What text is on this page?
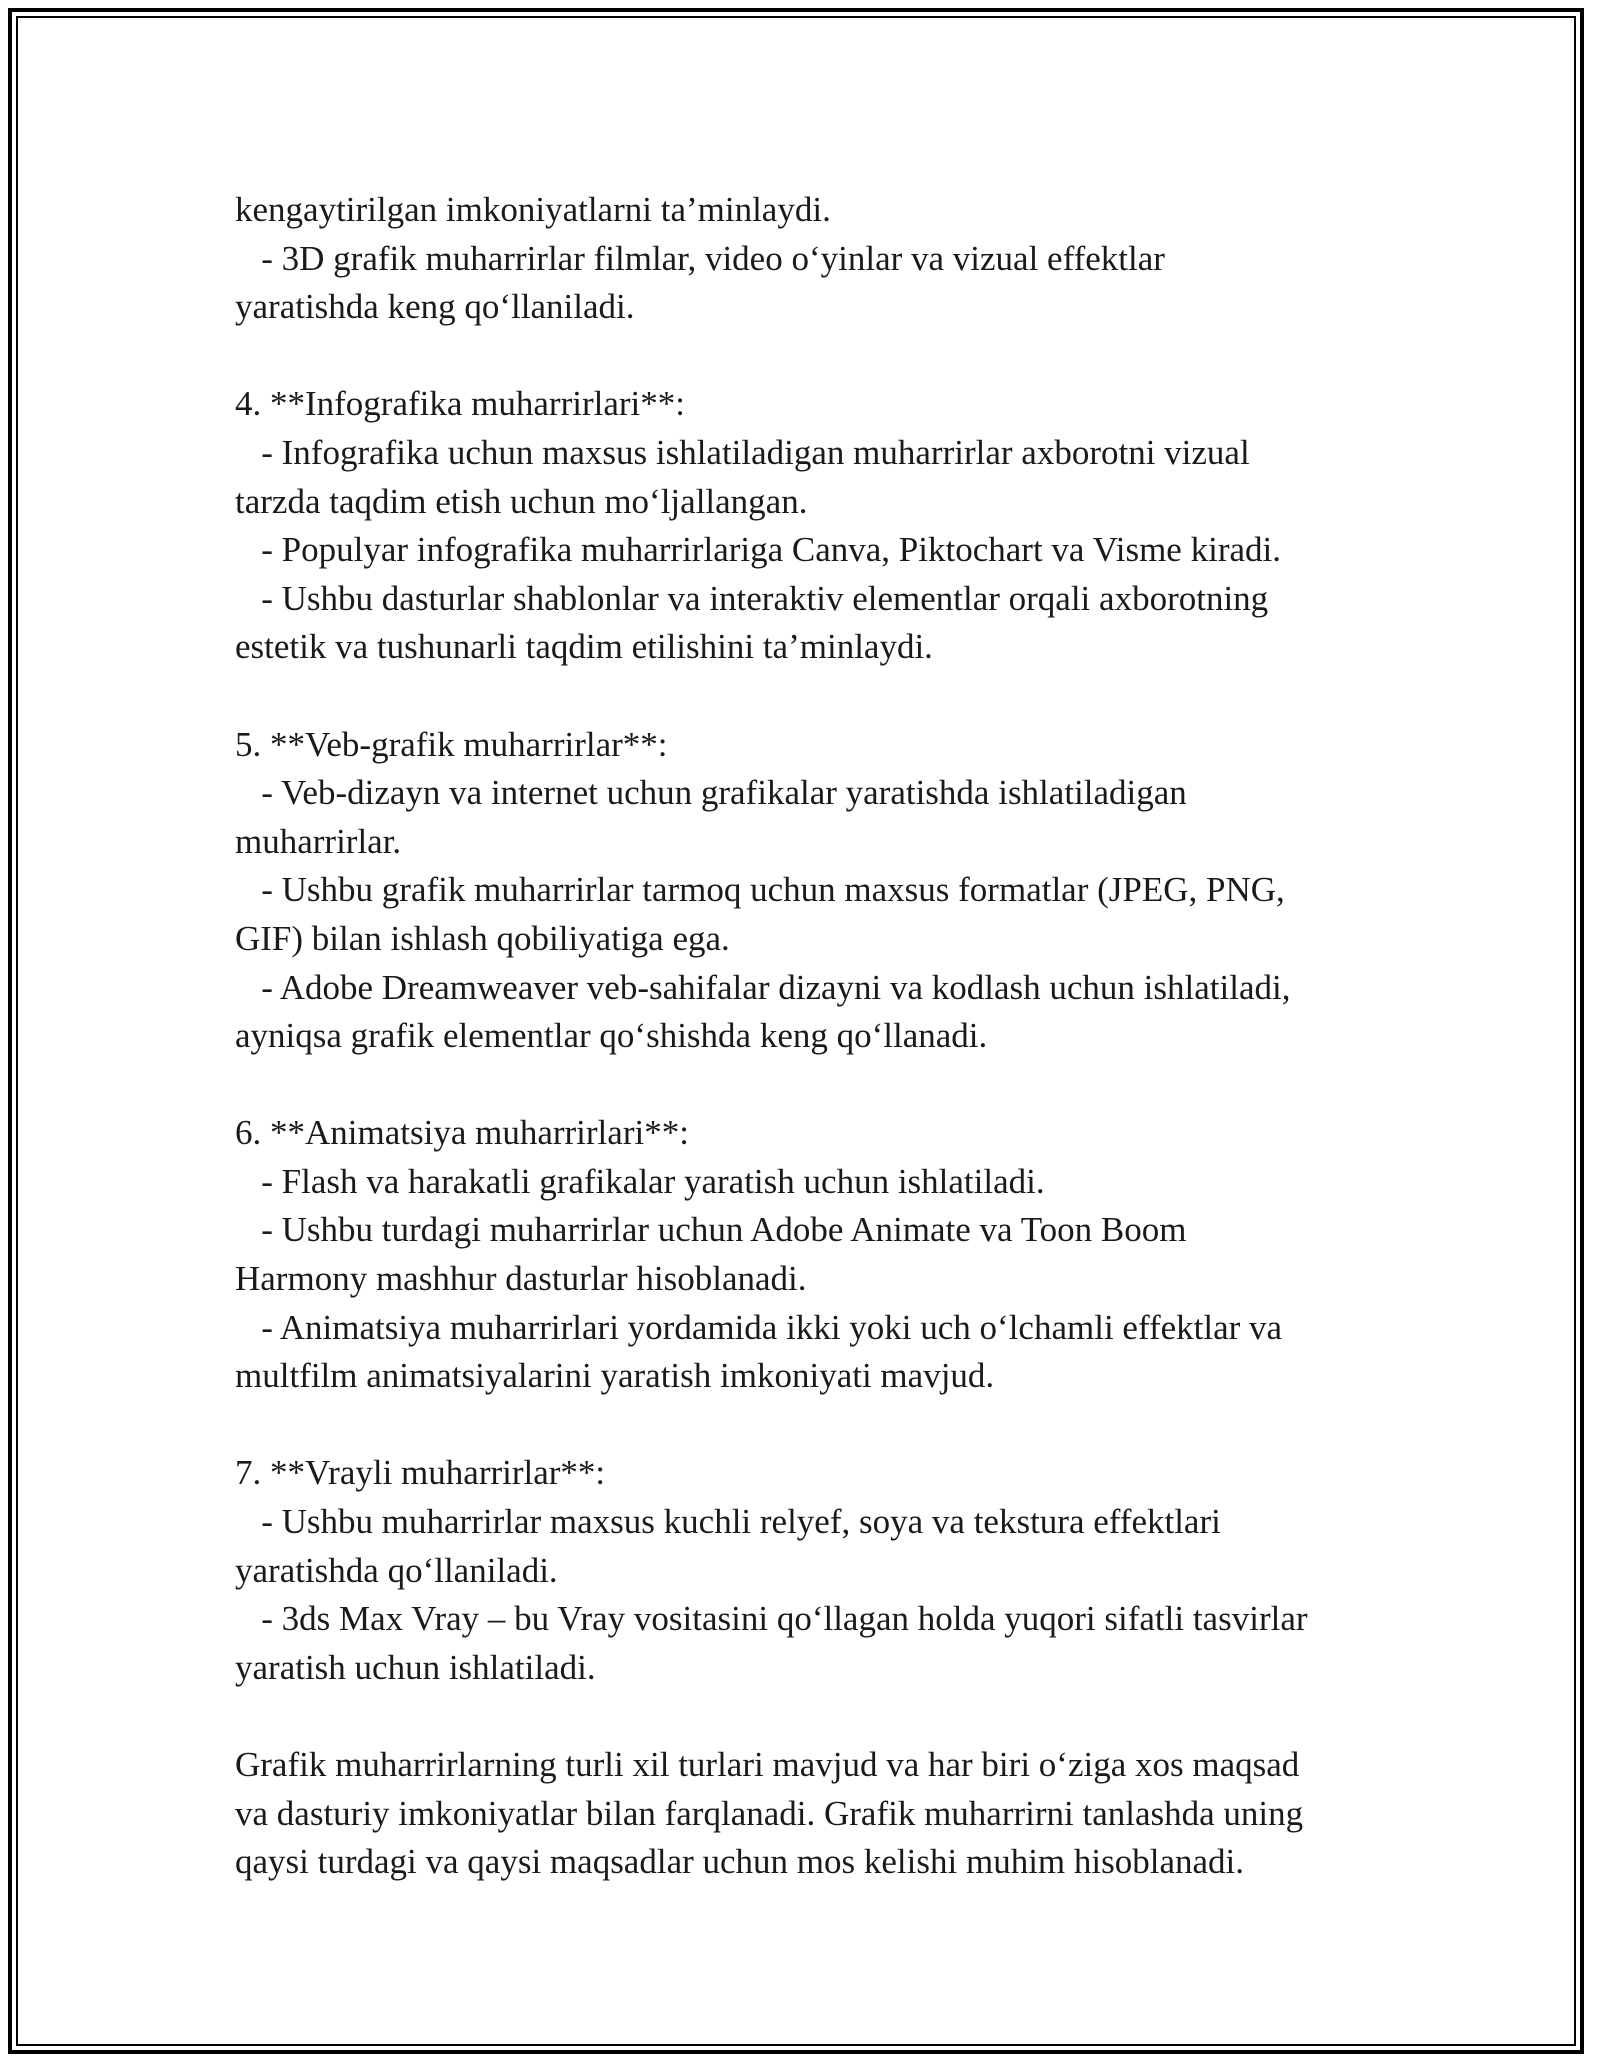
kengaytirilgan imkoniyatlarni ta’minlaydi.
- 3D grafik muharrirlar filmlar, video o‘yinlar va vizual effektlar
yaratishda keng qo‘llaniladi.
4. **Infografika muharrirlari**:
- Infografika uchun maxsus ishlatiladigan muharrirlar axborotni vizual
tarzda taqdim etish uchun mo‘ljallangan.
- Populyar infografika muharrirlariga Canva, Piktochart va Visme kiradi.
- Ushbu dasturlar shablonlar va interaktiv elementlar orqali axborotning
estetik va tushunarli taqdim etilishini ta’minlaydi.
5. **Veb-grafik muharrirlar**:
- Veb-dizayn va internet uchun grafikalar yaratishda ishlatiladigan
muharrirlar.
- Ushbu grafik muharrirlar tarmoq uchun maxsus formatlar (JPEG, PNG,
GIF) bilan ishlash qobiliyatiga ega.
- Adobe Dreamweaver veb-sahifalar dizayni va kodlash uchun ishlatiladi,
ayniqsa grafik elementlar qo‘shishda keng qo‘llanadi.
6. **Animatsiya muharrirlari**:
- Flash va harakatli grafikalar yaratish uchun ishlatiladi.
- Ushbu turdagi muharrirlar uchun Adobe Animate va Toon Boom
Harmony mashhur dasturlar hisoblanadi.
- Animatsiya muharrirlari yordamida ikki yoki uch o‘lchamli effektlar va
multfilm animatsiyalarini yaratish imkoniyati mavjud.
7. **Vrayli muharrirlar**:
- Ushbu muharrirlar maxsus kuchli relyef, soya va tekstura effektlari
yaratishda qo‘llaniladi.
- 3ds Max Vray – bu Vray vositasini qo‘llagan holda yuqori sifatli tasvirlar
yaratish uchun ishlatiladi.
Grafik muharrirlarning turli xil turlari mavjud va har biri o‘ziga xos maqsad
va dasturiy imkoniyatlar bilan farqlanadi. Grafik muharrirni tanlashda uning
qaysi turdagi va qaysi maqsadlar uchun mos kelishi muhim hisoblanadi.
